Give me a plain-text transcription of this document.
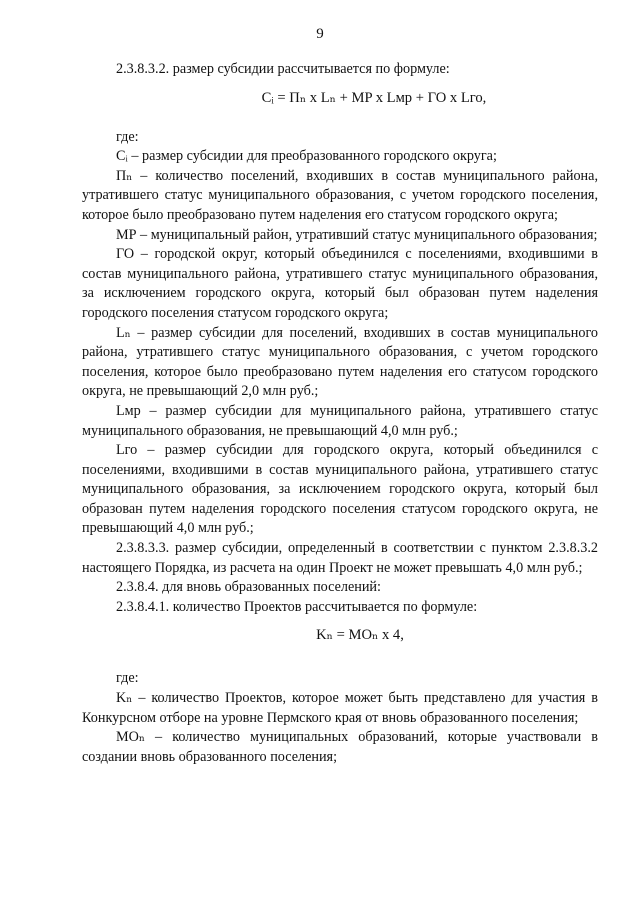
9

2.3.8.3.2. размер субсидии рассчитывается по формуле:

Cᵢ = Пₙ x Lₙ + MP x Lмр + ГО x Lго,

где:

Cᵢ – размер субсидии для преобразованного городского округа;

Пₙ – количество поселений, входивших в состав муниципального района, утратившего статус муниципального образования, с учетом городского поселения, которое было преобразовано путем наделения его статусом городского округа;

МР – муниципальный район, утративший статус муниципального образования;

ГО – городской округ, который объединился с поселениями, входившими в состав муниципального района, утратившего статус муниципального образования, за исключением городского округа, который был образован путем наделения городского поселения статусом городского округа;

Lₙ – размер субсидии для поселений, входивших в состав муниципального района, утратившего статус муниципального образования, с учетом городского поселения, которое было преобразовано путем наделения его статусом городского округа, не превышающий 2,0 млн руб.;

Lмр – размер субсидии для муниципального района, утратившего статус муниципального образования, не превышающий 4,0 млн руб.;

Lго – размер субсидии для городского округа, который объединился с поселениями, входившими в состав муниципального района, утратившего статус муниципального образования, за исключением городского округа, который был образован путем наделения городского поселения статусом городского округа, не превышающий 4,0 млн руб.;

2.3.8.3.3. размер субсидии, определенный в соответствии с пунктом 2.3.8.3.2 настоящего Порядка, из расчета на один Проект не может превышать 4,0 млн руб.;

2.3.8.4. для вновь образованных поселений:

2.3.8.4.1. количество Проектов рассчитывается по формуле:

Kₙ = MOₙ x 4,

где:

Kₙ – количество Проектов, которое может быть представлено для участия в Конкурсном отборе на уровне Пермского края от вновь образованного поселения;

МОₙ – количество муниципальных образований, которые участвовали в создании вновь образованного поселения;
